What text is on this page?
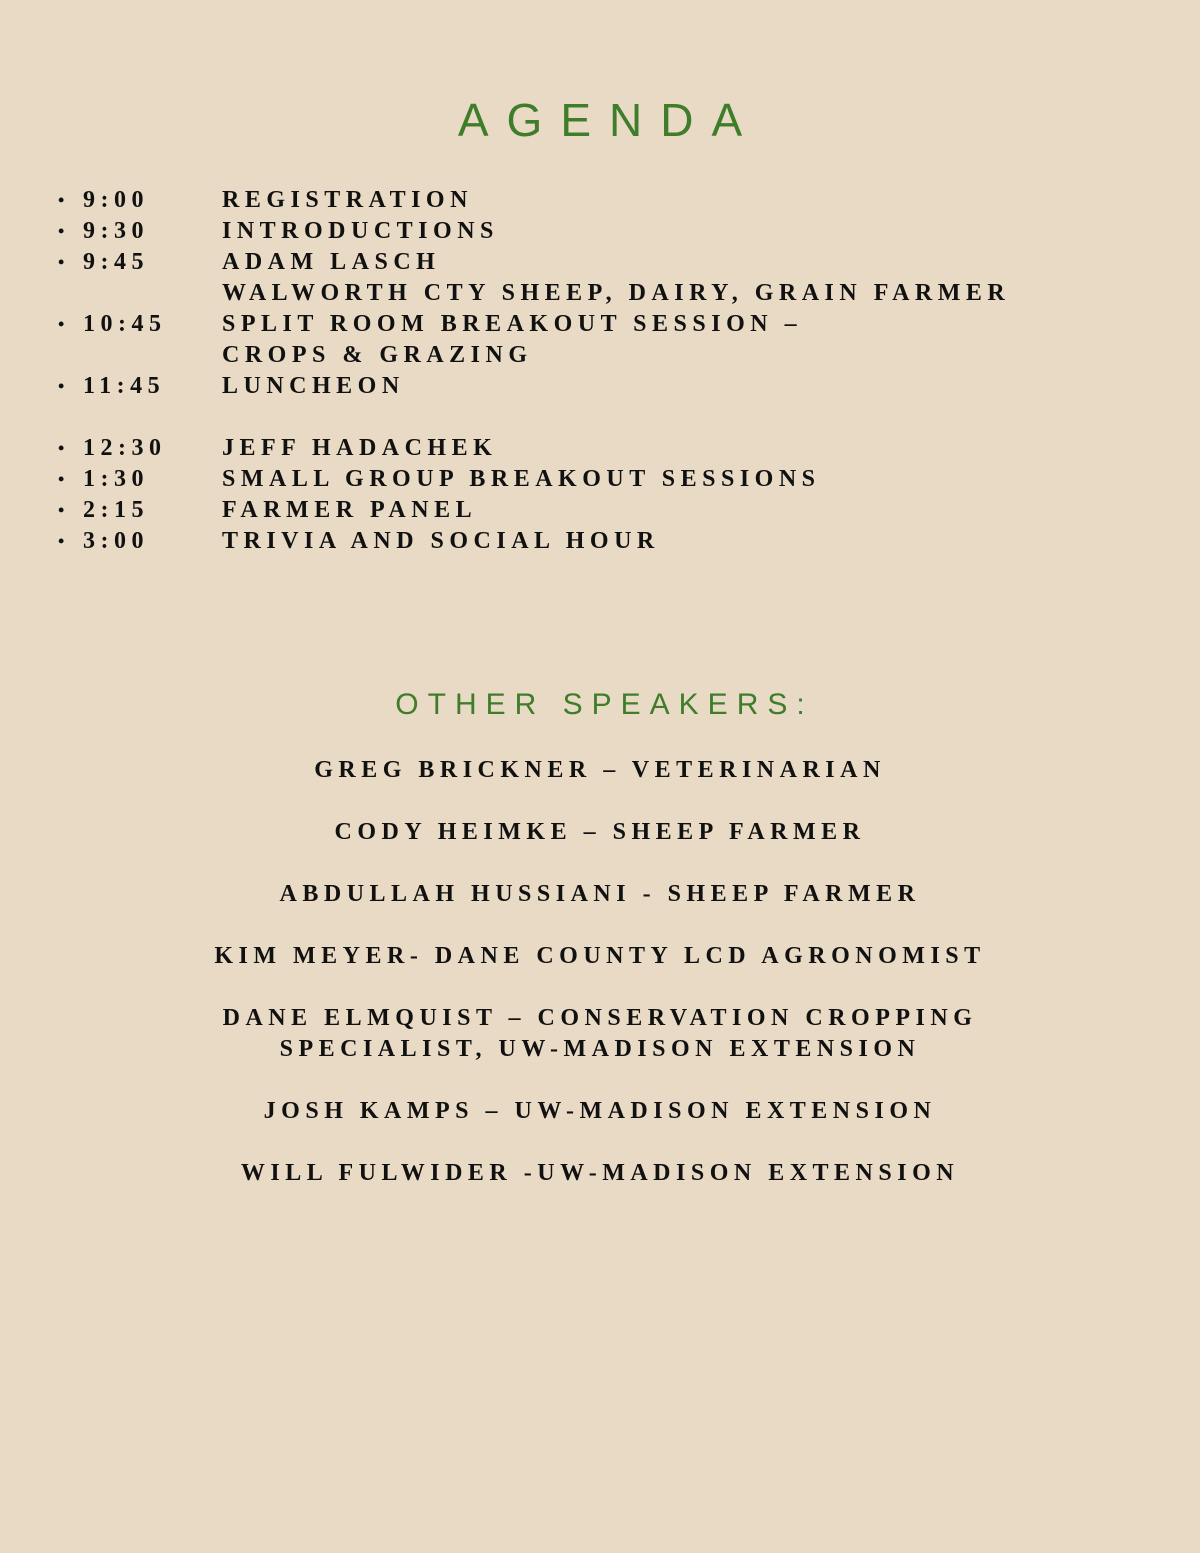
AGENDA
• 9:00	REGISTRATION
• 9:30	INTRODUCTIONS
• 9:45	ADAM LASCH
WALWORTH CTY SHEEP, DAIRY, GRAIN FARMER
• 10:45 SPLIT ROOM BREAKOUT SESSION –
CROPS & GRAZING
• 11:45 LUNCHEON
• 12:30 JEFF HADACHEK
• 1:30	SMALL GROUP BREAKOUT SESSIONS
• 2:15	FARMER PANEL
• 3:00	TRIVIA AND SOCIAL HOUR
OTHER SPEAKERS:
GREG BRICKNER – VETERINARIAN
CODY HEIMKE – SHEEP FARMER
ABDULLAH HUSSIANI - SHEEP FARMER
KIM MEYER- DANE COUNTY LCD AGRONOMIST
DANE ELMQUIST – CONSERVATION CROPPING
SPECIALIST, UW-MADISON EXTENSION
JOSH KAMPS – UW-MADISON EXTENSION
WILL FULWIDER -UW-MADISON EXTENSION
